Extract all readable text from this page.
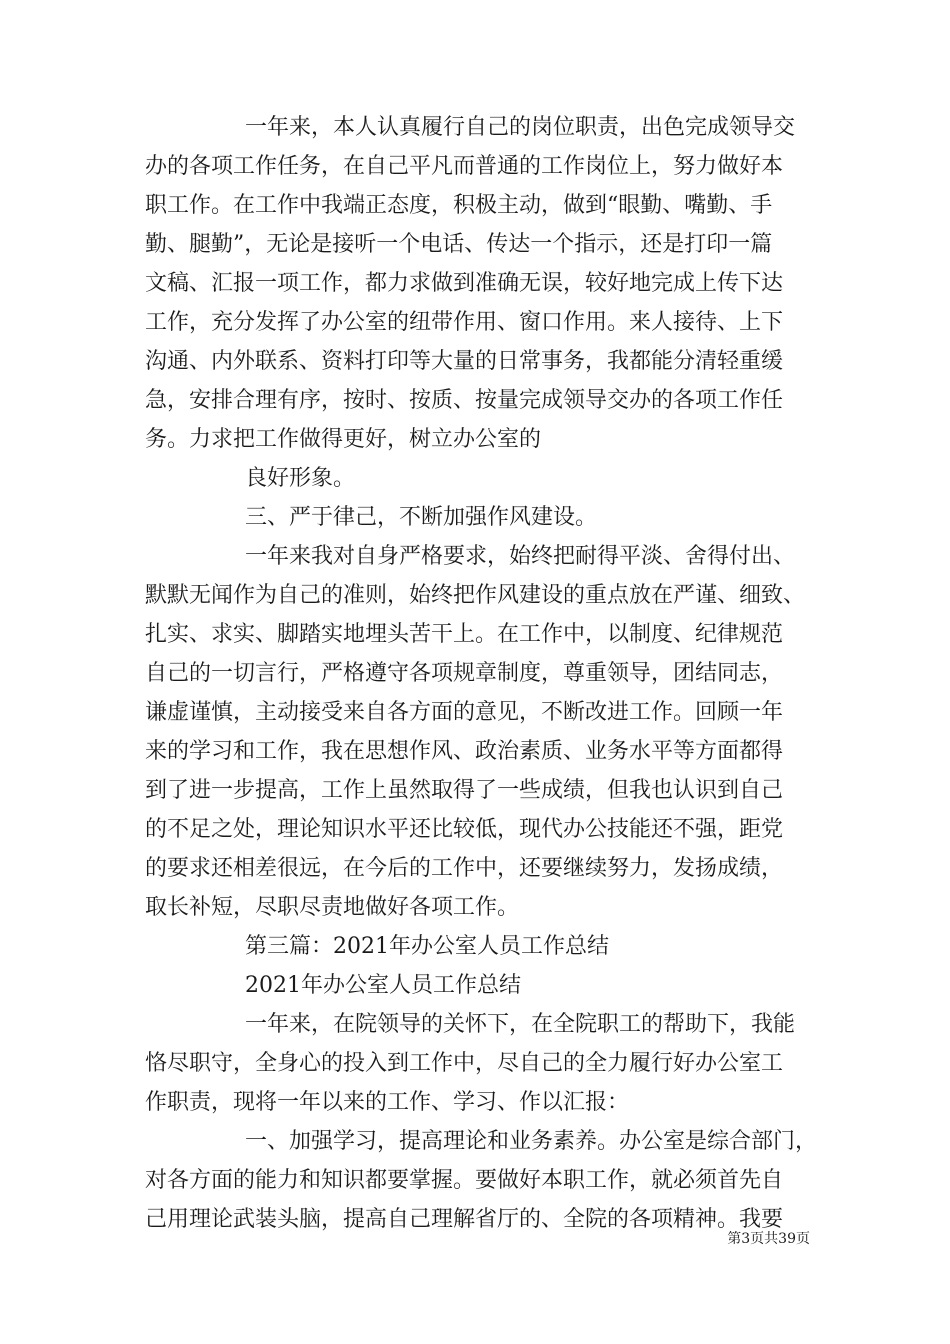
一年来，本人认真履行自己的岗位职责，出色完成领导交
办的各项工作任务，在自己平凡而普通的工作岗位上，努力做好本
职工作。在工作中我端正态度，积极主动，做到“眼勤、嘴勤、手
勤、腿勤”，无论是接听一个电话、传达一个指示，还是打印一篇
文稿、汇报一项工作，都力求做到准确无误，较好地完成上传下达
工作，充分发挥了办公室的纽带作用、窗口作用。来人接待、上下
沟通、内外联系、资料打印等大量的日常事务，我都能分清轻重缓
急，安排合理有序，按时、按质、按量完成领导交办的各项工作任
务。力求把工作做得更好，树立办公室的
良好形象。
三、严于律己，不断加强作风建设。
一年来我对自身严格要求，始终把耐得平淡、舍得付出、
默默无闻作为自己的准则，始终把作风建设的重点放在严谨、细致、
扎实、求实、脚踏实地埋头苦干上。在工作中，以制度、纪律规范
自己的一切言行，严格遵守各项规章制度，尊重领导，团结同志，
谦虚谨慎，主动接受来自各方面的意见，不断改进工作。回顾一年
来的学习和工作，我在思想作风、政治素质、业务水平等方面都得
到了进一步提高，工作上虽然取得了一些成绩，但我也认识到自己
的不足之处，理论知识水平还比较低，现代办公技能还不强，距党
的要求还相差很远，在今后的工作中，还要继续努力，发扬成绩，
取长补短，尽职尽责地做好各项工作。
第三篇：2021年办公室人员工作总结
2021年办公室人员工作总结
一年来，在院领导的关怀下，在全院职工的帮助下，我能
恪尽职守，全身心的投入到工作中，尽自己的全力履行好办公室工
作职责，现将一年以来的工作、学习、作以汇报：
一、加强学习，提高理论和业务素养。办公室是综合部门，
对各方面的能力和知识都要掌握。要做好本职工作，就必须首先自
己用理论武装头脑，提高自己理解省厅的、全院的各项精神。我要
第3页共39页
